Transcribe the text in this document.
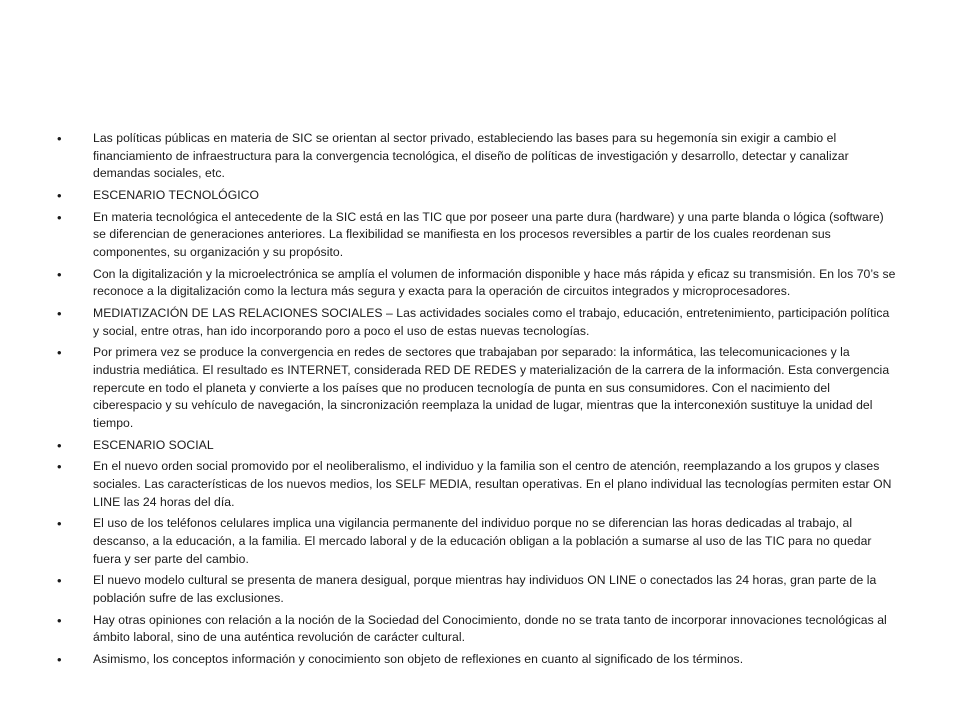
•	Las políticas públicas en materia de SIC se orientan al sector privado, estableciendo las bases para su hegemonía sin exigir a cambio el financiamiento de infraestructura para la convergencia tecnológica, el diseño de políticas de investigación y desarrollo, detectar y canalizar demandas sociales, etc.
•	ESCENARIO TECNOLÓGICO
•	En materia tecnológica el antecedente de la SIC está en las TIC que por poseer una parte dura (hardware) y una parte blanda o lógica (software) se diferencian de generaciones anteriores. La flexibilidad se manifiesta en los procesos reversibles a partir de los cuales reordenan sus componentes, su organización y su propósito.
•	Con la digitalización y la microelectrónica se amplía el volumen de información disponible y hace más rápida y eficaz su transmisión. En los 70’s se reconoce a la digitalización como la lectura más segura y exacta para la operación de circuitos integrados y microprocesadores.
•	MEDIATIZACIÓN DE LAS RELACIONES SOCIALES – Las actividades sociales como el trabajo, educación, entretenimiento, participación política y social, entre otras, han ido incorporando poro a poco el uso de estas nuevas tecnologías.
•	Por primera vez se produce la convergencia en redes de sectores que trabajaban por separado: la informática, las telecomunicaciones y la industria mediática. El resultado es INTERNET, considerada RED DE REDES y materialización de la carrera de la información. Esta convergencia repercute en todo el planeta y convierte a los países que no producen tecnología de punta en sus consumidores. Con el nacimiento del ciberespacio y su vehículo de navegación, la sincronización reemplaza la unidad de lugar, mientras que la interconexión sustituye la unidad del tiempo.
•	ESCENARIO SOCIAL
•	En el nuevo orden social promovido por el neoliberalismo, el individuo y la familia son el centro de atención, reemplazando a los grupos y clases sociales. Las características de los nuevos medios, los SELF MEDIA, resultan operativas. En el plano individual las tecnologías permiten estar ON LINE las 24 horas del día.
•	El uso de los teléfonos celulares implica una vigilancia permanente del individuo porque no se diferencian las horas dedicadas al trabajo, al descanso, a la educación, a la familia. El mercado laboral y de la educación obligan a la población a sumarse al uso de las TIC para no quedar fuera y ser parte del cambio.
•	El nuevo modelo cultural se presenta de manera desigual, porque mientras hay individuos ON LINE o conectados las 24 horas, gran parte de la población sufre de las exclusiones.
•	Hay otras opiniones con relación a la noción de la Sociedad del Conocimiento, donde no se trata tanto de incorporar innovaciones tecnológicas al ámbito laboral, sino de una auténtica revolución de carácter cultural.
•	Asimismo, los conceptos información y conocimiento son objeto de reflexiones en cuanto al significado de los términos.
